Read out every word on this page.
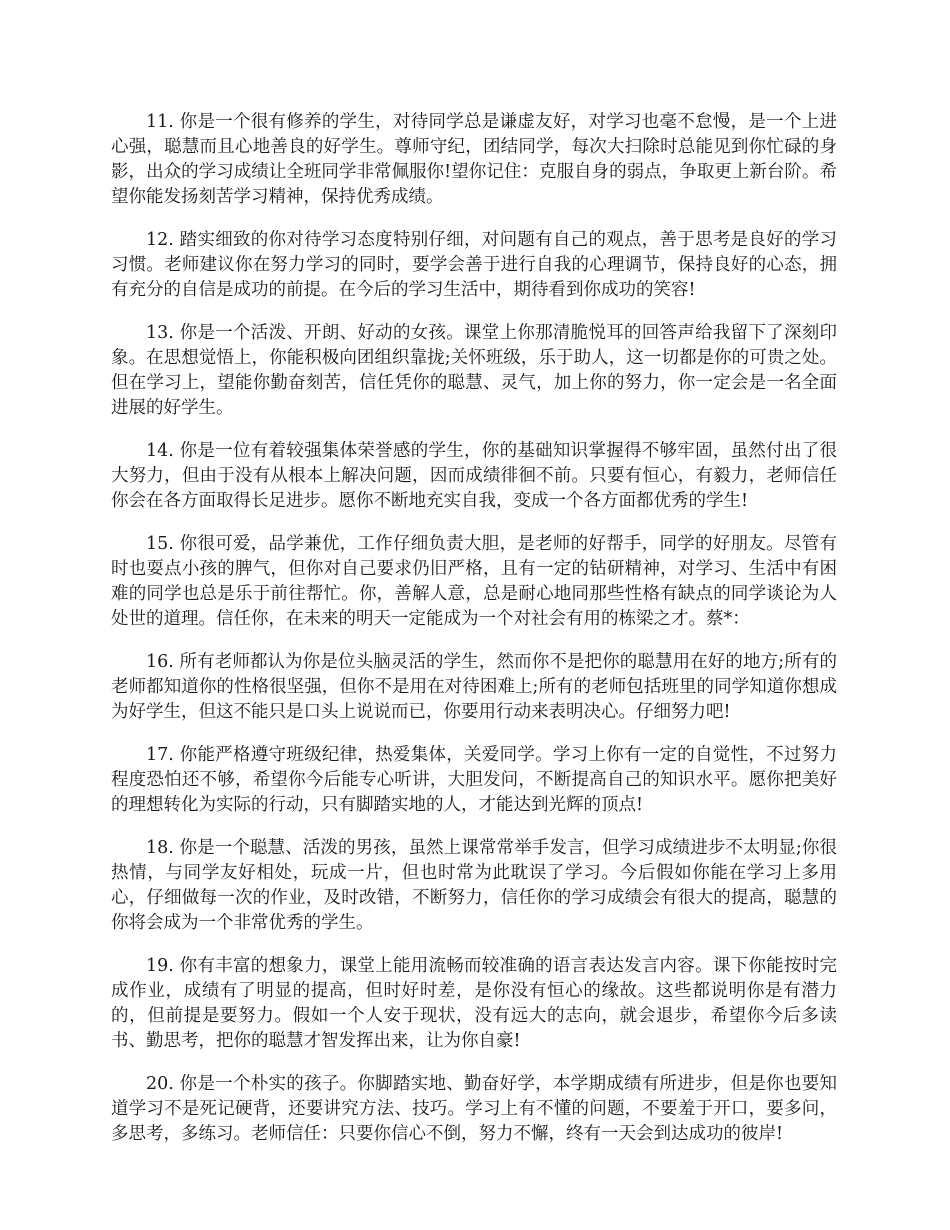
11. 你是一个很有修养的学生，对待同学总是谦虚友好，对学习也毫不怠慢，是一个上进心强，聪慧而且心地善良的好学生。尊师守纪，团结同学，每次大扫除时总能见到你忙碌的身影，出众的学习成绩让全班同学非常佩服你!望你记住：克服自身的弱点，争取更上新台阶。希望你能发扬刻苦学习精神，保持优秀成绩。

12. 踏实细致的你对待学习态度特别仔细，对问题有自己的观点，善于思考是良好的学习习惯。老师建议你在努力学习的同时，要学会善于进行自我的心理调节，保持良好的心态，拥有充分的自信是成功的前提。在今后的学习生活中，期待看到你成功的笑容!

13. 你是一个活泼、开朗、好动的女孩。课堂上你那清脆悦耳的回答声给我留下了深刻印象。在思想觉悟上，你能积极向团组织靠拢;关怀班级，乐于助人，这一切都是你的可贵之处。但在学习上，望能你勤奋刻苦，信任凭你的聪慧、灵气，加上你的努力，你一定会是一名全面进展的好学生。

14. 你是一位有着较强集体荣誉感的学生，你的基础知识掌握得不够牢固，虽然付出了很大努力，但由于没有从根本上解决问题，因而成绩徘徊不前。只要有恒心，有毅力，老师信任你会在各方面取得长足进步。愿你不断地充实自我，变成一个各方面都优秀的学生!

15. 你很可爱，品学兼优，工作仔细负责大胆，是老师的好帮手，同学的好朋友。尽管有时也耍点小孩的脾气，但你对自己要求仍旧严格，且有一定的钻研精神，对学习、生活中有困难的同学也总是乐于前往帮忙。你，善解人意，总是耐心地同那些性格有缺点的同学谈论为人处世的道理。信任你，在未来的明天一定能成为一个对社会有用的栋梁之才。蔡*：

16. 所有老师都认为你是位头脑灵活的学生，然而你不是把你的聪慧用在好的地方;所有的老师都知道你的性格很坚强，但你不是用在对待困难上;所有的老师包括班里的同学知道你想成为好学生，但这不能只是口头上说说而已，你要用行动来表明决心。仔细努力吧!

17. 你能严格遵守班级纪律，热爱集体，关爱同学。学习上你有一定的自觉性，不过努力程度恐怕还不够，希望你今后能专心听讲，大胆发问，不断提高自己的知识水平。愿你把美好的理想转化为实际的行动，只有脚踏实地的人，才能达到光辉的顶点!

18. 你是一个聪慧、活泼的男孩，虽然上课常常举手发言，但学习成绩进步不太明显;你很热情，与同学友好相处，玩成一片，但也时常为此耽误了学习。今后假如你能在学习上多用心，仔细做每一次的作业，及时改错，不断努力，信任你的学习成绩会有很大的提高，聪慧的你将会成为一个非常优秀的学生。

19. 你有丰富的想象力，课堂上能用流畅而较准确的语言表达发言内容。课下你能按时完成作业，成绩有了明显的提高，但时好时差，是你没有恒心的缘故。这些都说明你是有潜力的，但前提是要努力。假如一个人安于现状，没有远大的志向，就会退步，希望你今后多读书、勤思考，把你的聪慧才智发挥出来，让为你自豪!

20. 你是一个朴实的孩子。你脚踏实地、勤奋好学，本学期成绩有所进步，但是你也要知道学习不是死记硬背，还要讲究方法、技巧。学习上有不懂的问题，不要羞于开口，要多问，多思考，多练习。老师信任：只要你信心不倒，努力不懈，终有一天会到达成功的彼岸!
